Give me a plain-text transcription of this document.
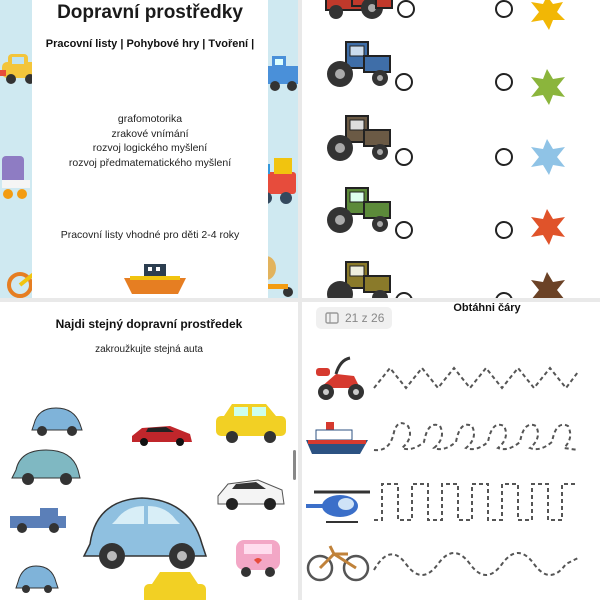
Dopravní prostředky
Pracovní listy | Pohybové hry | Tvoření |
grafomotorika
zrakové vnímání
rozvoj logického myšlení
rozvoj předmatematického myšlení
Pracovní listy vhodné pro děti 2-4 roky
Najdi stejný dopravní prostředek
zakroužkujte stejná auta
21 z 26
Obtáhni čáry
